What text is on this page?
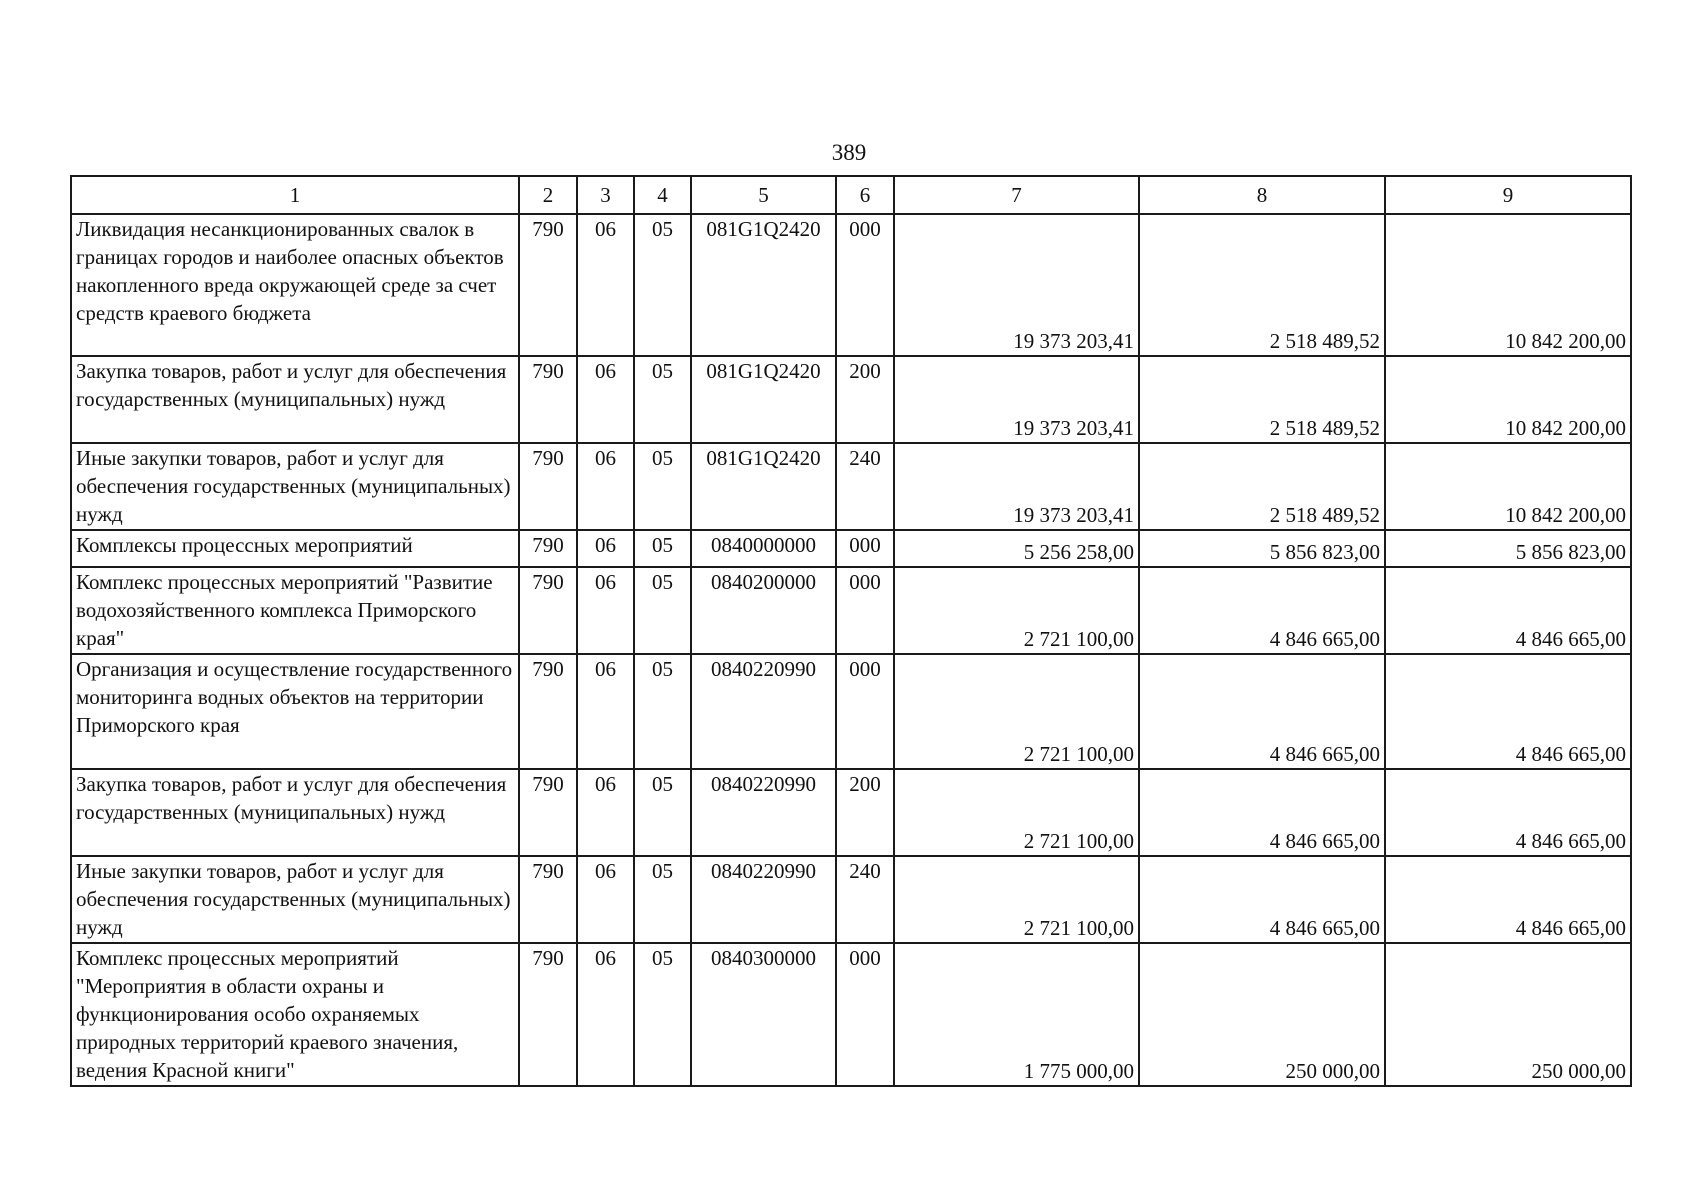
389
1	2	3	4	5	6	7	8	9
Ликвидация несанкционированных свалок в границах городов и наиболее опасных объектов накопленного вреда окружающей среде за счет средств краевого бюджета	790	06	05	081G1Q2420	000	19 373 203,41	2 518 489,52	10 842 200,00
Закупка товаров, работ и услуг для обеспечения государственных (муниципальных) нужд	790	06	05	081G1Q2420	200	19 373 203,41	2 518 489,52	10 842 200,00
Иные закупки товаров, работ и услуг для обеспечения государственных (муниципальных) нужд	790	06	05	081G1Q2420	240	19 373 203,41	2 518 489,52	10 842 200,00
Комплексы процессных мероприятий	790	06	05	0840000000	000	5 256 258,00	5 856 823,00	5 856 823,00
Комплекс процессных мероприятий "Развитие водохозяйственного комплекса Приморского края"	790	06	05	0840200000	000	2 721 100,00	4 846 665,00	4 846 665,00
Организация и осуществление государственного мониторинга водных объектов на территории Приморского края	790	06	05	0840220990	000	2 721 100,00	4 846 665,00	4 846 665,00
Закупка товаров, работ и услуг для обеспечения государственных (муниципальных) нужд	790	06	05	0840220990	200	2 721 100,00	4 846 665,00	4 846 665,00
Иные закупки товаров, работ и услуг для обеспечения государственных (муниципальных) нужд	790	06	05	0840220990	240	2 721 100,00	4 846 665,00	4 846 665,00
Комплекс процессных мероприятий "Мероприятия в области охраны и функционирования особо охраняемых природных территорий краевого значения, ведения Красной книги"	790	06	05	0840300000	000	1 775 000,00	250 000,00	250 000,00
